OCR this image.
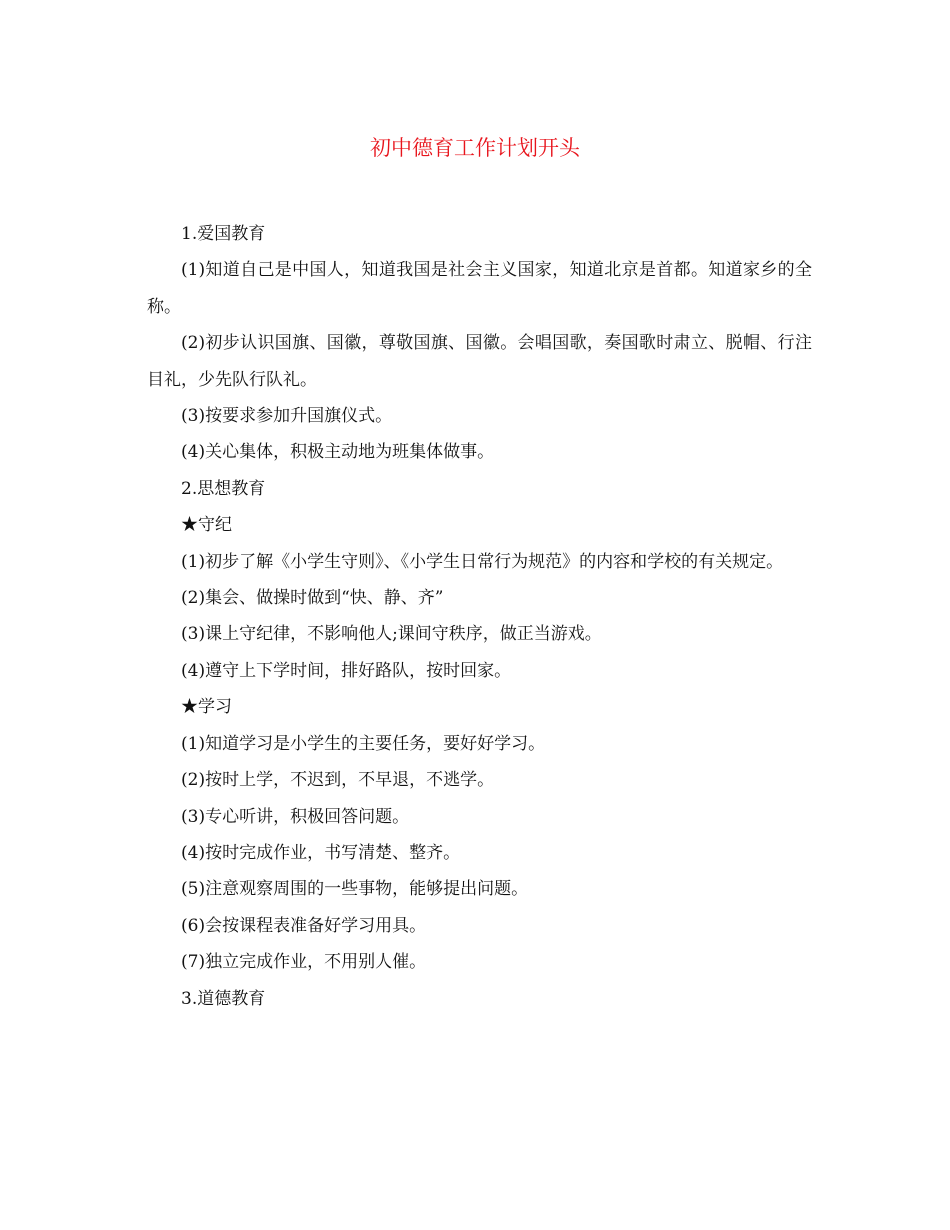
初中德育工作计划开头

1.爱国教育

(1)知道自己是中国人，知道我国是社会主义国家，知道北京是首都。知道家乡的全称。

(2)初步认识国旗、国徽，尊敬国旗、国徽。会唱国歌，奏国歌时肃立、脱帽、行注目礼，少先队行队礼。

(3)按要求参加升国旗仪式。

(4)关心集体，积极主动地为班集体做事。

2.思想教育

★守纪

(1)初步了解《小学生守则》、《小学生日常行为规范》的内容和学校的有关规定。

(2)集会、做操时做到“快、静、齐”

(3)课上守纪律，不影响他人;课间守秩序，做正当游戏。

(4)遵守上下学时间，排好路队，按时回家。

★学习

(1)知道学习是小学生的主要任务，要好好学习。

(2)按时上学，不迟到，不早退，不逃学。

(3)专心听讲，积极回答问题。

(4)按时完成作业，书写清楚、整齐。

(5)注意观察周围的一些事物，能够提出问题。

(6)会按课程表准备好学习用具。

(7)独立完成作业，不用别人催。

3.道德教育
